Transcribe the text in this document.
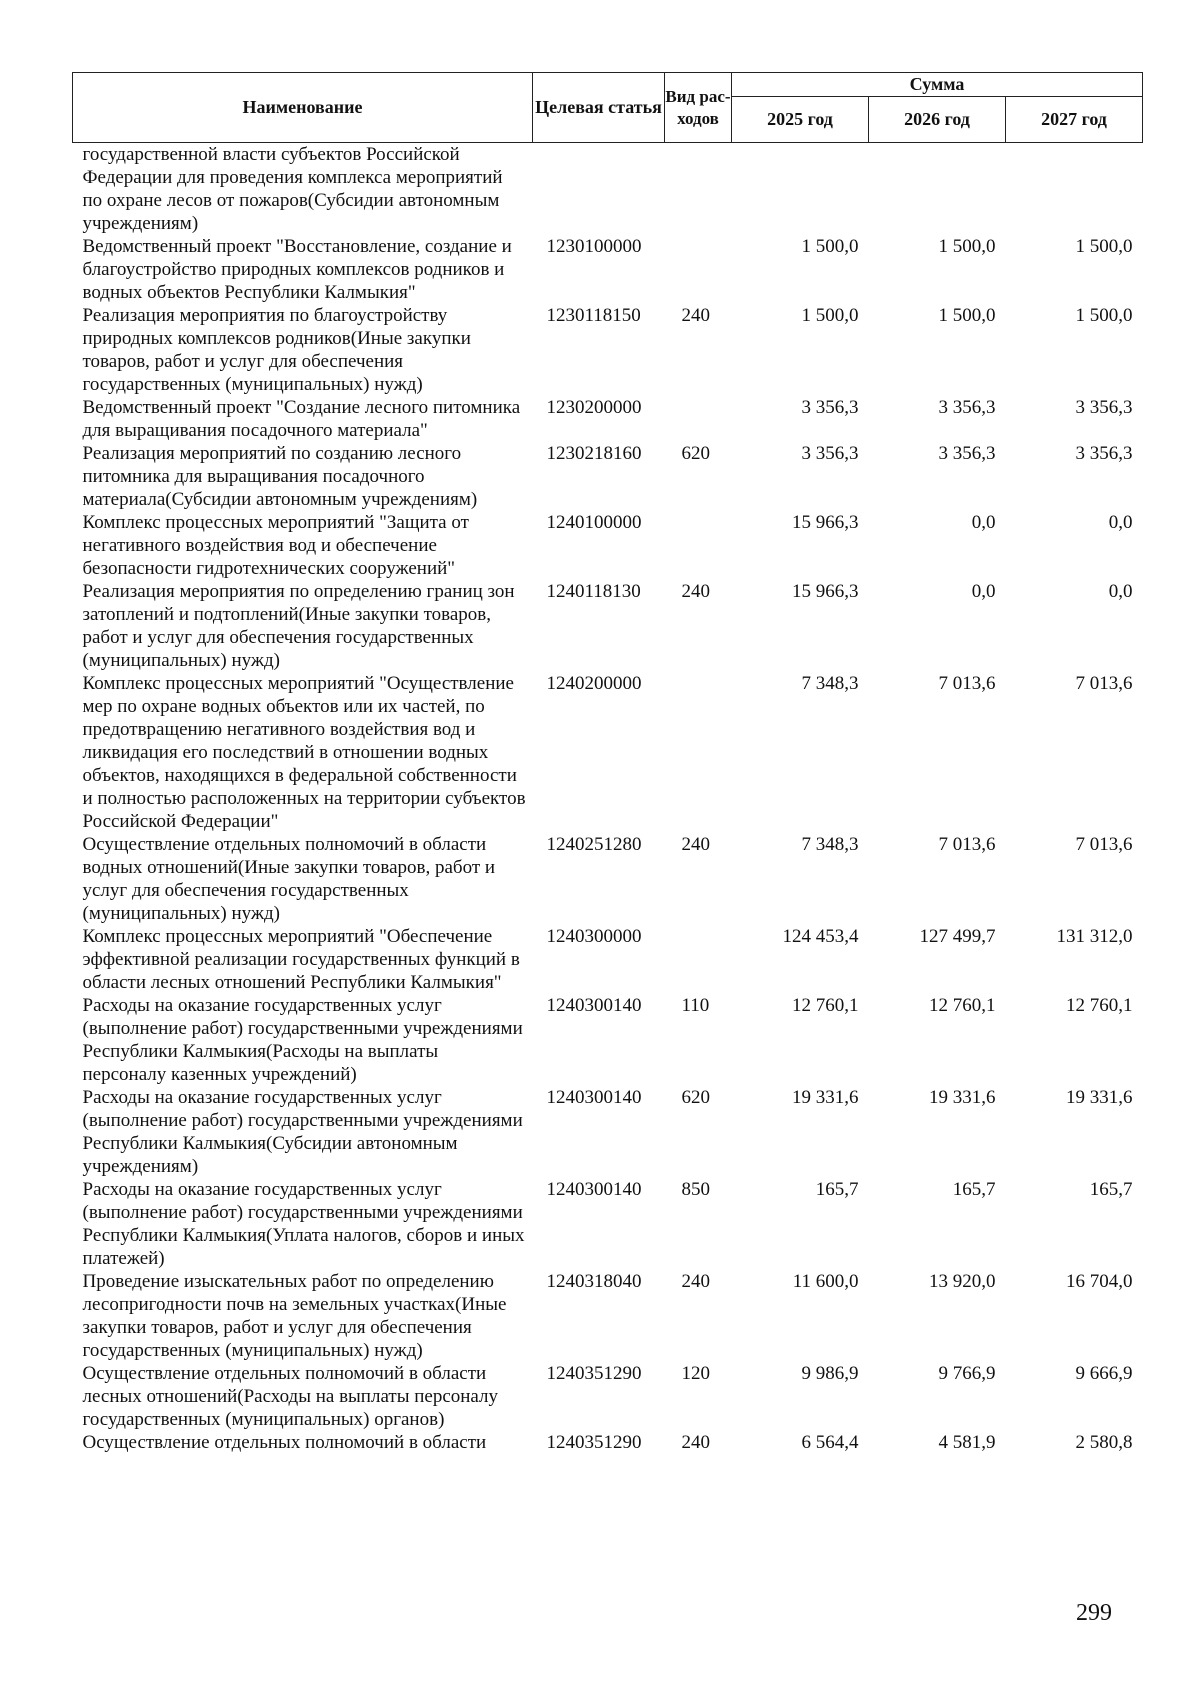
Наименование	Целевая статья	Вид рас-ходов	Сумма		
			2025 год	2026 год	2027 год
государственной власти субъектов Российской Федерации для проведения комплекса мероприятий по охране лесов от пожаров(Субсидии автономным учреждениям)					
Ведомственный проект "Восстановление, создание и благоустройство природных комплексов родников и водных объектов Республики Калмыкия"	1230100000		1 500,0	1 500,0	1 500,0
Реализация мероприятия по благоустройству природных комплексов родников(Иные закупки товаров, работ и услуг для обеспечения государственных (муниципальных) нужд)	1230118150	240	1 500,0	1 500,0	1 500,0
Ведомственный проект "Создание лесного питомника для выращивания посадочного материала"	1230200000		3 356,3	3 356,3	3 356,3
Реализация мероприятий по созданию лесного питомника для выращивания посадочного материала(Субсидии автономным учреждениям)	1230218160	620	3 356,3	3 356,3	3 356,3
Комплекс процессных мероприятий "Защита от негативного воздействия вод и обеспечение безопасности гидротехнических сооружений"	1240100000		15 966,3	0,0	0,0
Реализация мероприятия по определению границ зон затоплений и подтоплений(Иные закупки товаров, работ и услуг для обеспечения государственных (муниципальных) нужд)	1240118130	240	15 966,3	0,0	0,0
Комплекс процессных мероприятий "Осуществление мер по охране водных объектов или их частей, по предотвращению негативного воздействия вод и ликвидация его последствий в отношении водных объектов, находящихся в федеральной собственности и полностью расположенных на территории субъектов Российской Федерации"	1240200000		7 348,3	7 013,6	7 013,6
Осуществление отдельных полномочий в области водных отношений(Иные закупки товаров, работ и услуг для обеспечения государственных (муниципальных) нужд)	1240251280	240	7 348,3	7 013,6	7 013,6
Комплекс процессных мероприятий "Обеспечение эффективной реализации государственных функций в области лесных отношений Республики Калмыкия"	1240300000		124 453,4	127 499,7	131 312,0
Расходы на оказание государственных услуг (выполнение работ) государственными учреждениями Республики Калмыкия(Расходы на выплаты персоналу казенных учреждений)	1240300140	110	12 760,1	12 760,1	12 760,1
Расходы на оказание государственных услуг (выполнение работ) государственными учреждениями Республики Калмыкия(Субсидии автономным учреждениям)	1240300140	620	19 331,6	19 331,6	19 331,6
Расходы на оказание государственных услуг (выполнение работ) государственными учреждениями Республики Калмыкия(Уплата налогов, сборов и иных платежей)	1240300140	850	165,7	165,7	165,7
Проведение изыскательных работ по определению лесопригодности почв на земельных участках(Иные закупки товаров, работ и услуг для обеспечения государственных (муниципальных) нужд)	1240318040	240	11 600,0	13 920,0	16 704,0
Осуществление отдельных полномочий в области лесных отношений(Расходы на выплаты персоналу государственных (муниципальных) органов)	1240351290	120	9 986,9	9 766,9	9 666,9
Осуществление отдельных полномочий в области	1240351290	240	6 564,4	4 581,9	2 580,8
299
